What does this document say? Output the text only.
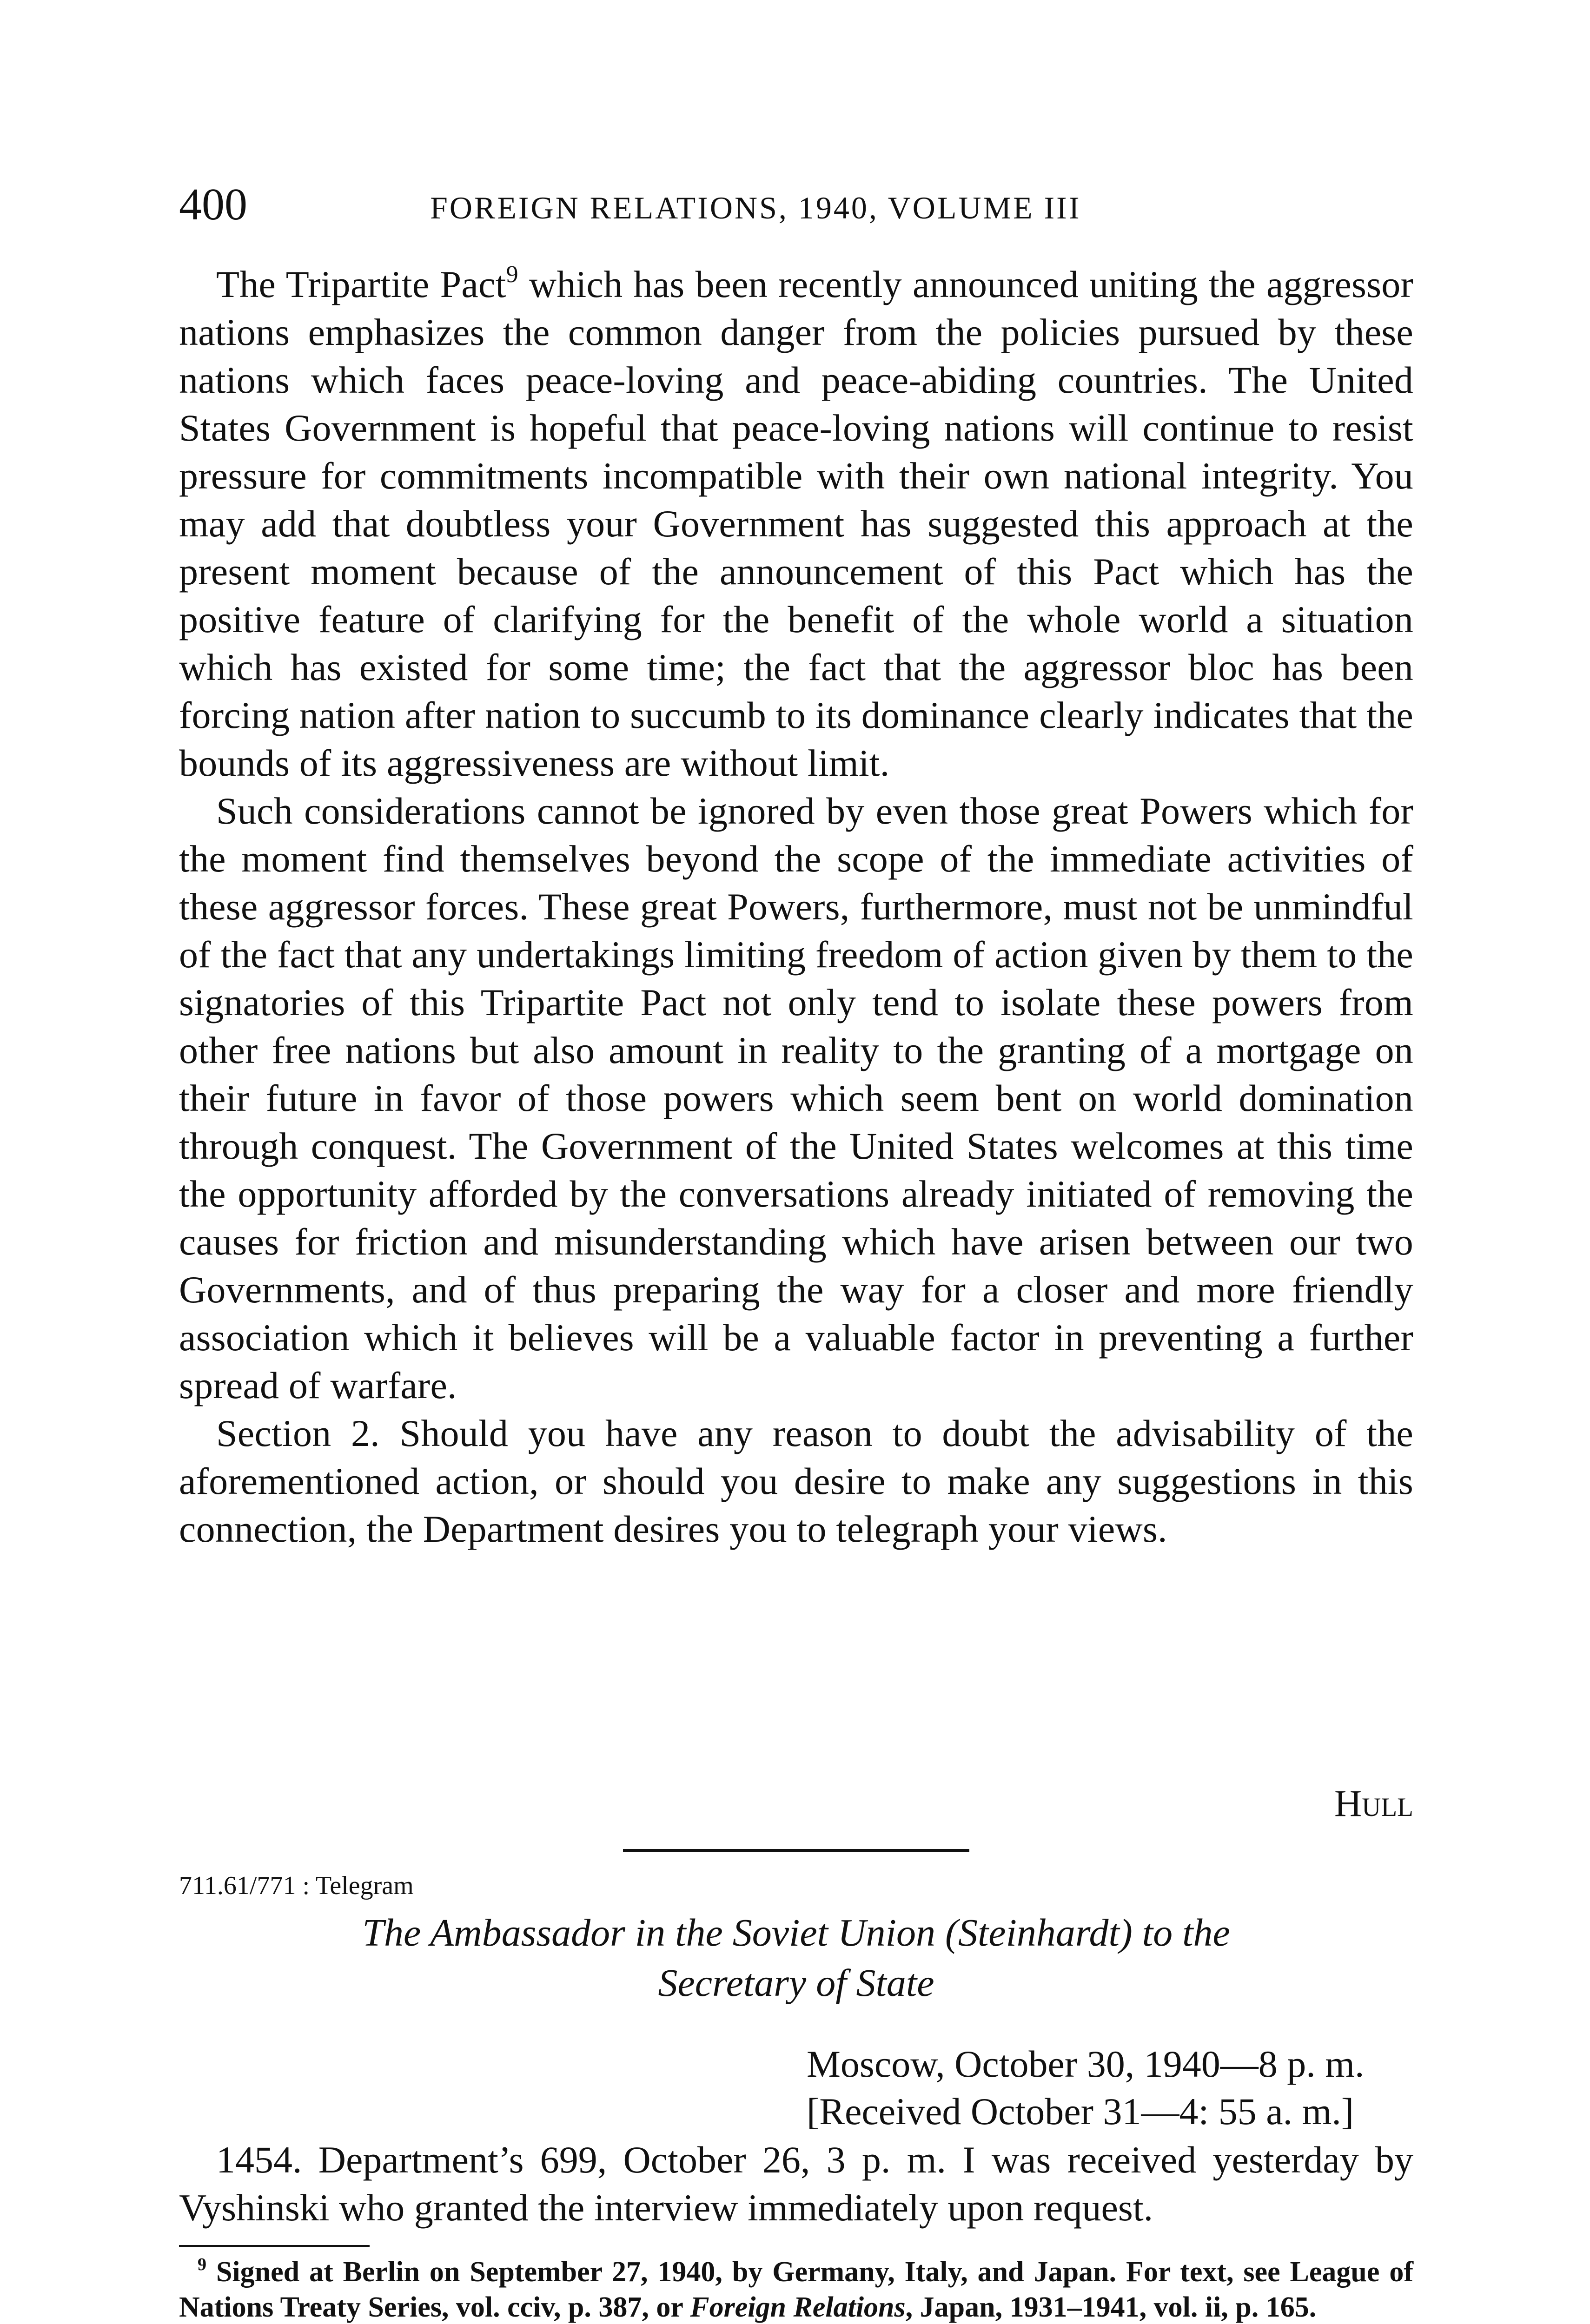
400	FOREIGN RELATIONS, 1940, VOLUME III

The Tripartite Pact$^9$ which has been recently announced uniting the aggressor nations emphasizes the common danger from the policies pursued by these nations which faces peace-loving and peace-abiding countries. The United States Government is hopeful that peace-loving nations will continue to resist pressure for commitments incompatible with their own national integrity. You may add that doubtless your Government has suggested this approach at the present moment because of the announcement of this Pact which has the positive feature of clarifying for the benefit of the whole world a situation which has existed for some time; the fact that the aggressor bloc has been forcing nation after nation to succumb to its dominance clearly indicates that the bounds of its aggressiveness are without limit.

Such considerations cannot be ignored by even those great Powers which for the moment find themselves beyond the scope of the immediate activities of these aggressor forces. These great Powers, furthermore, must not be unmindful of the fact that any undertakings limiting freedom of action given by them to the signatories of this Tripartite Pact not only tend to isolate these powers from other free nations but also amount in reality to the granting of a mortgage on their future in favor of those powers which seem bent on world domination through conquest. The Government of the United States welcomes at this time the opportunity afforded by the conversations already initiated of removing the causes for friction and misunderstanding which have arisen between our two Governments, and of thus preparing the way for a closer and more friendly association which it believes will be a valuable factor in preventing a further spread of warfare.

Section 2. Should you have any reason to doubt the advisability of the aforementioned action, or should you desire to make any suggestions in this connection, the Department desires you to telegraph your views.

Hull
711.61/771 : Telegram
The Ambassador in the Soviet Union (Steinhardt) to the
Secretary of State
Moscow, October 30, 1940—8 p. m.
[Received October 31—4: 55 a. m.]

1454. Department’s 699, October 26, 3 p. m. I was received yesterday by Vyshinski who granted the interview immediately upon request.

$^9$ Signed at Berlin on September 27, 1940, by Germany, Italy, and Japan. For text, see League of Nations Treaty Series, vol. cciv, p. 387, or Foreign Relations, Japan, 1931–1941, vol. ii, p. 165.
